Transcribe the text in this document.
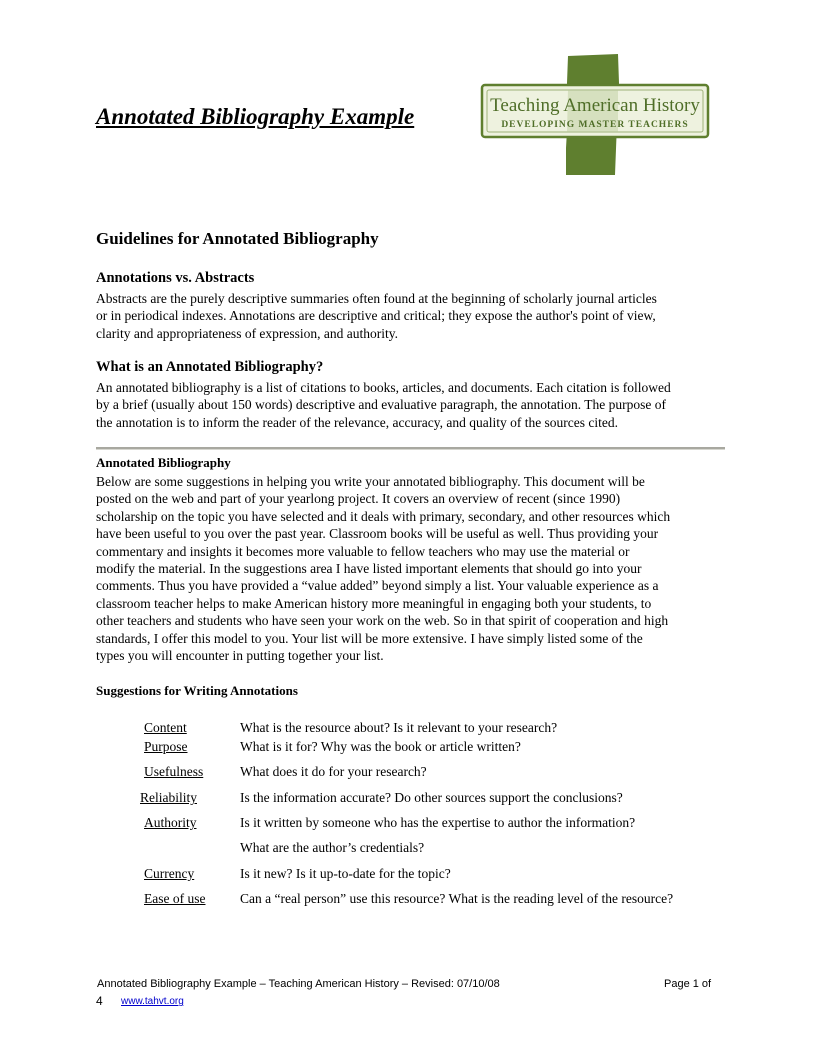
Annotated Bibliography Example	Teaching American History
DEVELOPING MASTER TEACHERS
Guidelines for Annotated Bibliography
Annotations vs. Abstracts
Abstracts are the purely descriptive summaries often found at the beginning of scholarly journal articles
or in periodical indexes. Annotations are descriptive and critical; they expose the author's point of view,
clarity and appropriateness of expression, and authority.
What is an Annotated Bibliography?
An annotated bibliography is a list of citations to books, articles, and documents. Each citation is followed
by a brief (usually about 150 words) descriptive and evaluative paragraph, the annotation. The purpose of
the annotation is to inform the reader of the relevance, accuracy, and quality of the sources cited.
Annotated Bibliography
Below are some suggestions in helping you write your annotated bibliography. This document will be
posted on the web and part of your yearlong project. It covers an overview of recent (since 1990)
scholarship on the topic you have selected and it deals with primary, secondary, and other resources which
have been useful to you over the past year. Classroom books will be useful as well. Thus providing your
commentary and insights it becomes more valuable to fellow teachers who may use the material or
modify the material. In the suggestions area I have listed important elements that should go into your
comments. Thus you have provided a “value added” beyond simply a list. Your valuable experience as a
classroom teacher helps to make American history more meaningful in engaging both your students, to
other teachers and students who have seen your work on the web. So in that spirit of cooperation and high
standards, I offer this model to you. Your list will be more extensive. I have simply listed some of the
types you will encounter in putting together your list.
Suggestions for Writing Annotations
Content	What is the resource about? Is it relevant to your research?
Purpose	What is it for? Why was the book or article written?
Usefulness	What does it do for your research?
Reliability	Is the information accurate? Do other sources support the conclusions?
Authority	Is it written by someone who has the expertise to author the information?
What are the author’s credentials?
Currency	Is it new? Is it up-to-date for the topic?
Ease of use	Can a “real person” use this resource? What is the reading level of the resource?
Annotated Bibliography Example – Teaching American History – Revised: 07/10/08	Page 1 of
4 www.tahvt.org
